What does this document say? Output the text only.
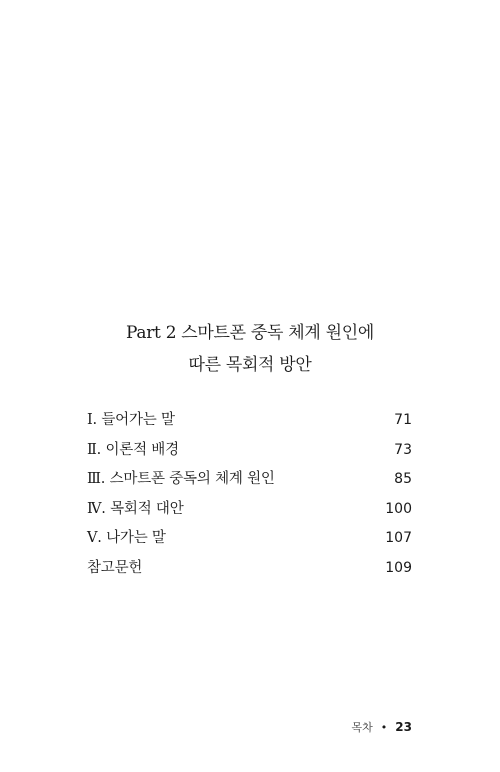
Part 2 스마트폰 중독 체계 원인에
따른 목회적 방안
Ⅰ. 들어가는 말	71
Ⅱ. 이론적 배경	73
Ⅲ. 스마트폰 중독의 체계 원인	85
Ⅳ. 목회적 대안	100
Ⅴ. 나가는 말	107
참고문헌	109
목차 • 23
